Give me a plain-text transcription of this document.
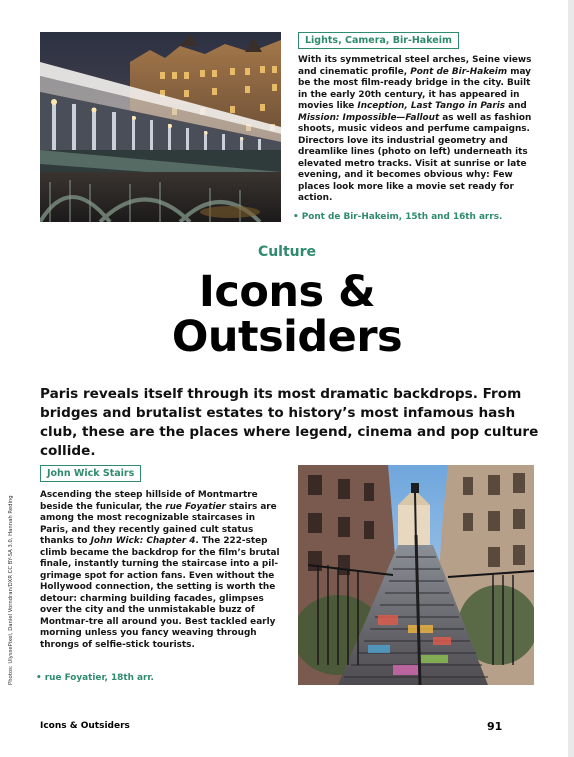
Lights, Camera, Bir-Hakeim

With its symmetrical steel arches, Seine views and cinematic profile, Pont de Bir-Hakeim may be the most film-ready bridge in the city. Built in the early 20th century, it has appeared in movies like Inception, Last Tango in Paris and Mission: Impossible—Fallout as well as fashion shoots, music videos and perfume campaigns. Directors love its industrial geometry and dreamlike lines (photo on left) underneath its elevated metro tracks. Visit at sunrise or late evening, and it becomes obvious why: Few places look more like a movie set ready for action.

• Pont de Bir-Hakeim, 15th and 16th arrs.
Culture
Icons &
Outsiders

Paris reveals itself through its most dramatic backdrops. From bridges and brutalist estates to history’s most infamous hash club, these are the places where legend, cinema and pop culture collide.

Photos: UlyssePixel, Daniel Vorndran/DXR CC BY-SA 3.0, Hannah Reding
John Wick Stairs

Ascending the steep hillside of Montmartre beside the funicular, the rue Foyatier stairs are among the most recognizable staircases in Paris, and they recently gained cult status thanks to John Wick: Chapter 4. The 222-step climb became the backdrop for the film’s brutal finale, instantly turning the staircase into a pil-grimage spot for action fans. Even without the Hollywood connection, the setting is worth the detour: charming building facades, glimpses over the city and the unmistakable buzz of Montmar-tre all around you. Best tackled early morning unless you fancy weaving through throngs of selfie-stick tourists.

• rue Foyatier, 18th arr.
Icons & Outsiders	91
